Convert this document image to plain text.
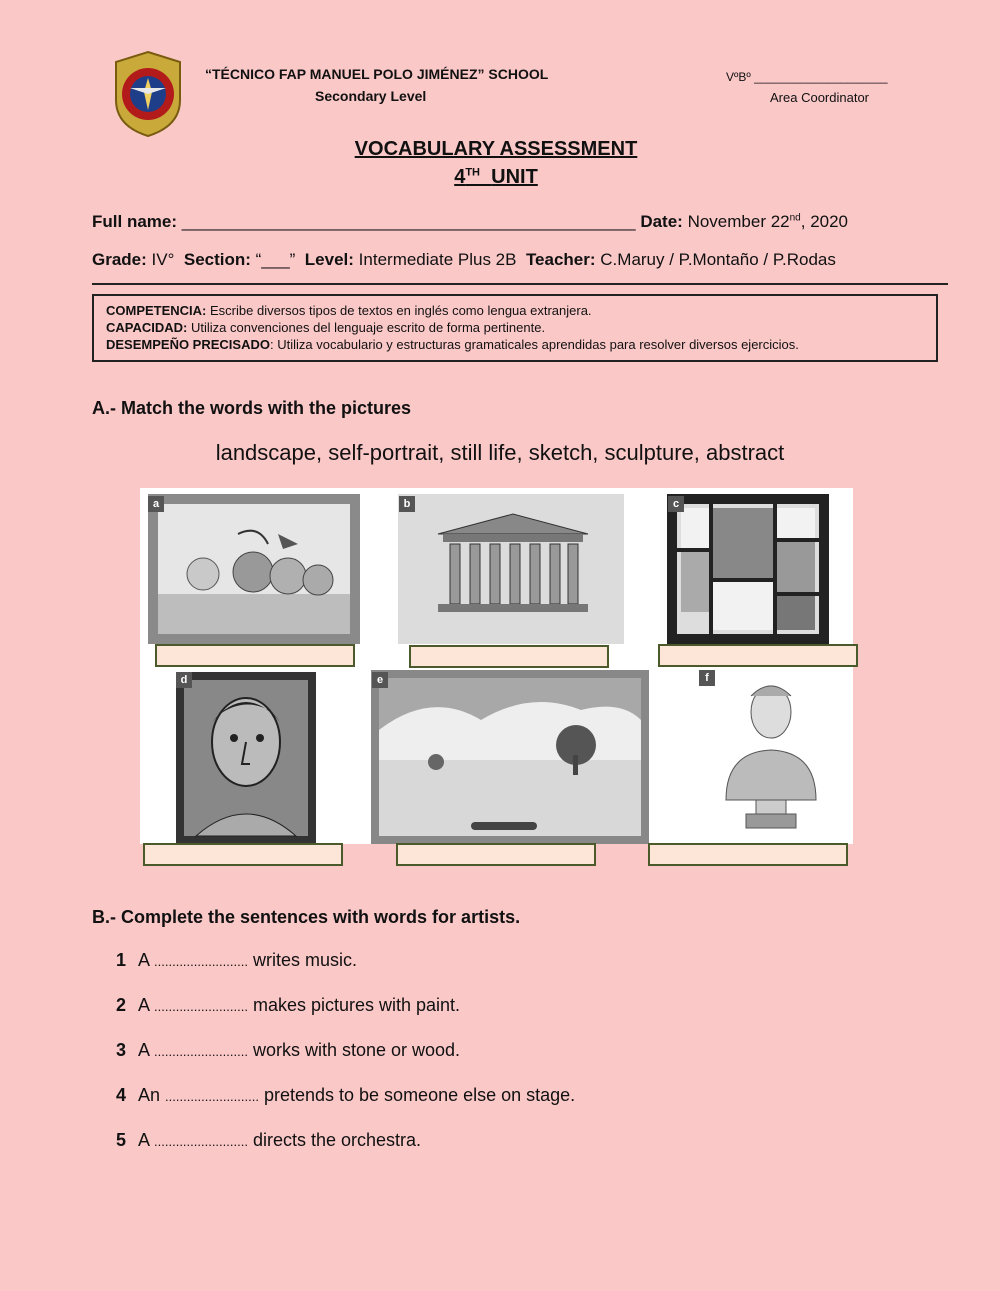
“TÉCNICO FAP MANUEL POLO JIMÉNEZ” SCHOOL
Secondary Level
VºBº ____________________
Area Coordinator
VOCABULARY ASSESSMENT
4TH UNIT
Full name: ________________________________________________ Date: November 22nd, 2020
Grade: IV° Section: “___” Level: Intermediate Plus 2B Teacher: C.Maruy / P.Montaño / P.Rodas
COMPETENCIA: Escribe diversos tipos de textos en inglés como lengua extranjera.
CAPACIDAD: Utiliza convenciones del lenguaje escrito de forma pertinente.
DESEMPEÑO PRECISADO: Utiliza vocabulario y estructuras gramaticales aprendidas para resolver diversos ejercicios.
A.- Match the words with the pictures
landscape, self-portrait, still life, sketch, sculpture, abstract
a	b	c
d	e	f
B.- Complete the sentences with words for artists.
1 A .......................... writes music.
2 A .......................... makes pictures with paint.
3 A .......................... works with stone or wood.
4 An .......................... pretends to be someone else on stage.
5 A .......................... directs the orchestra.
